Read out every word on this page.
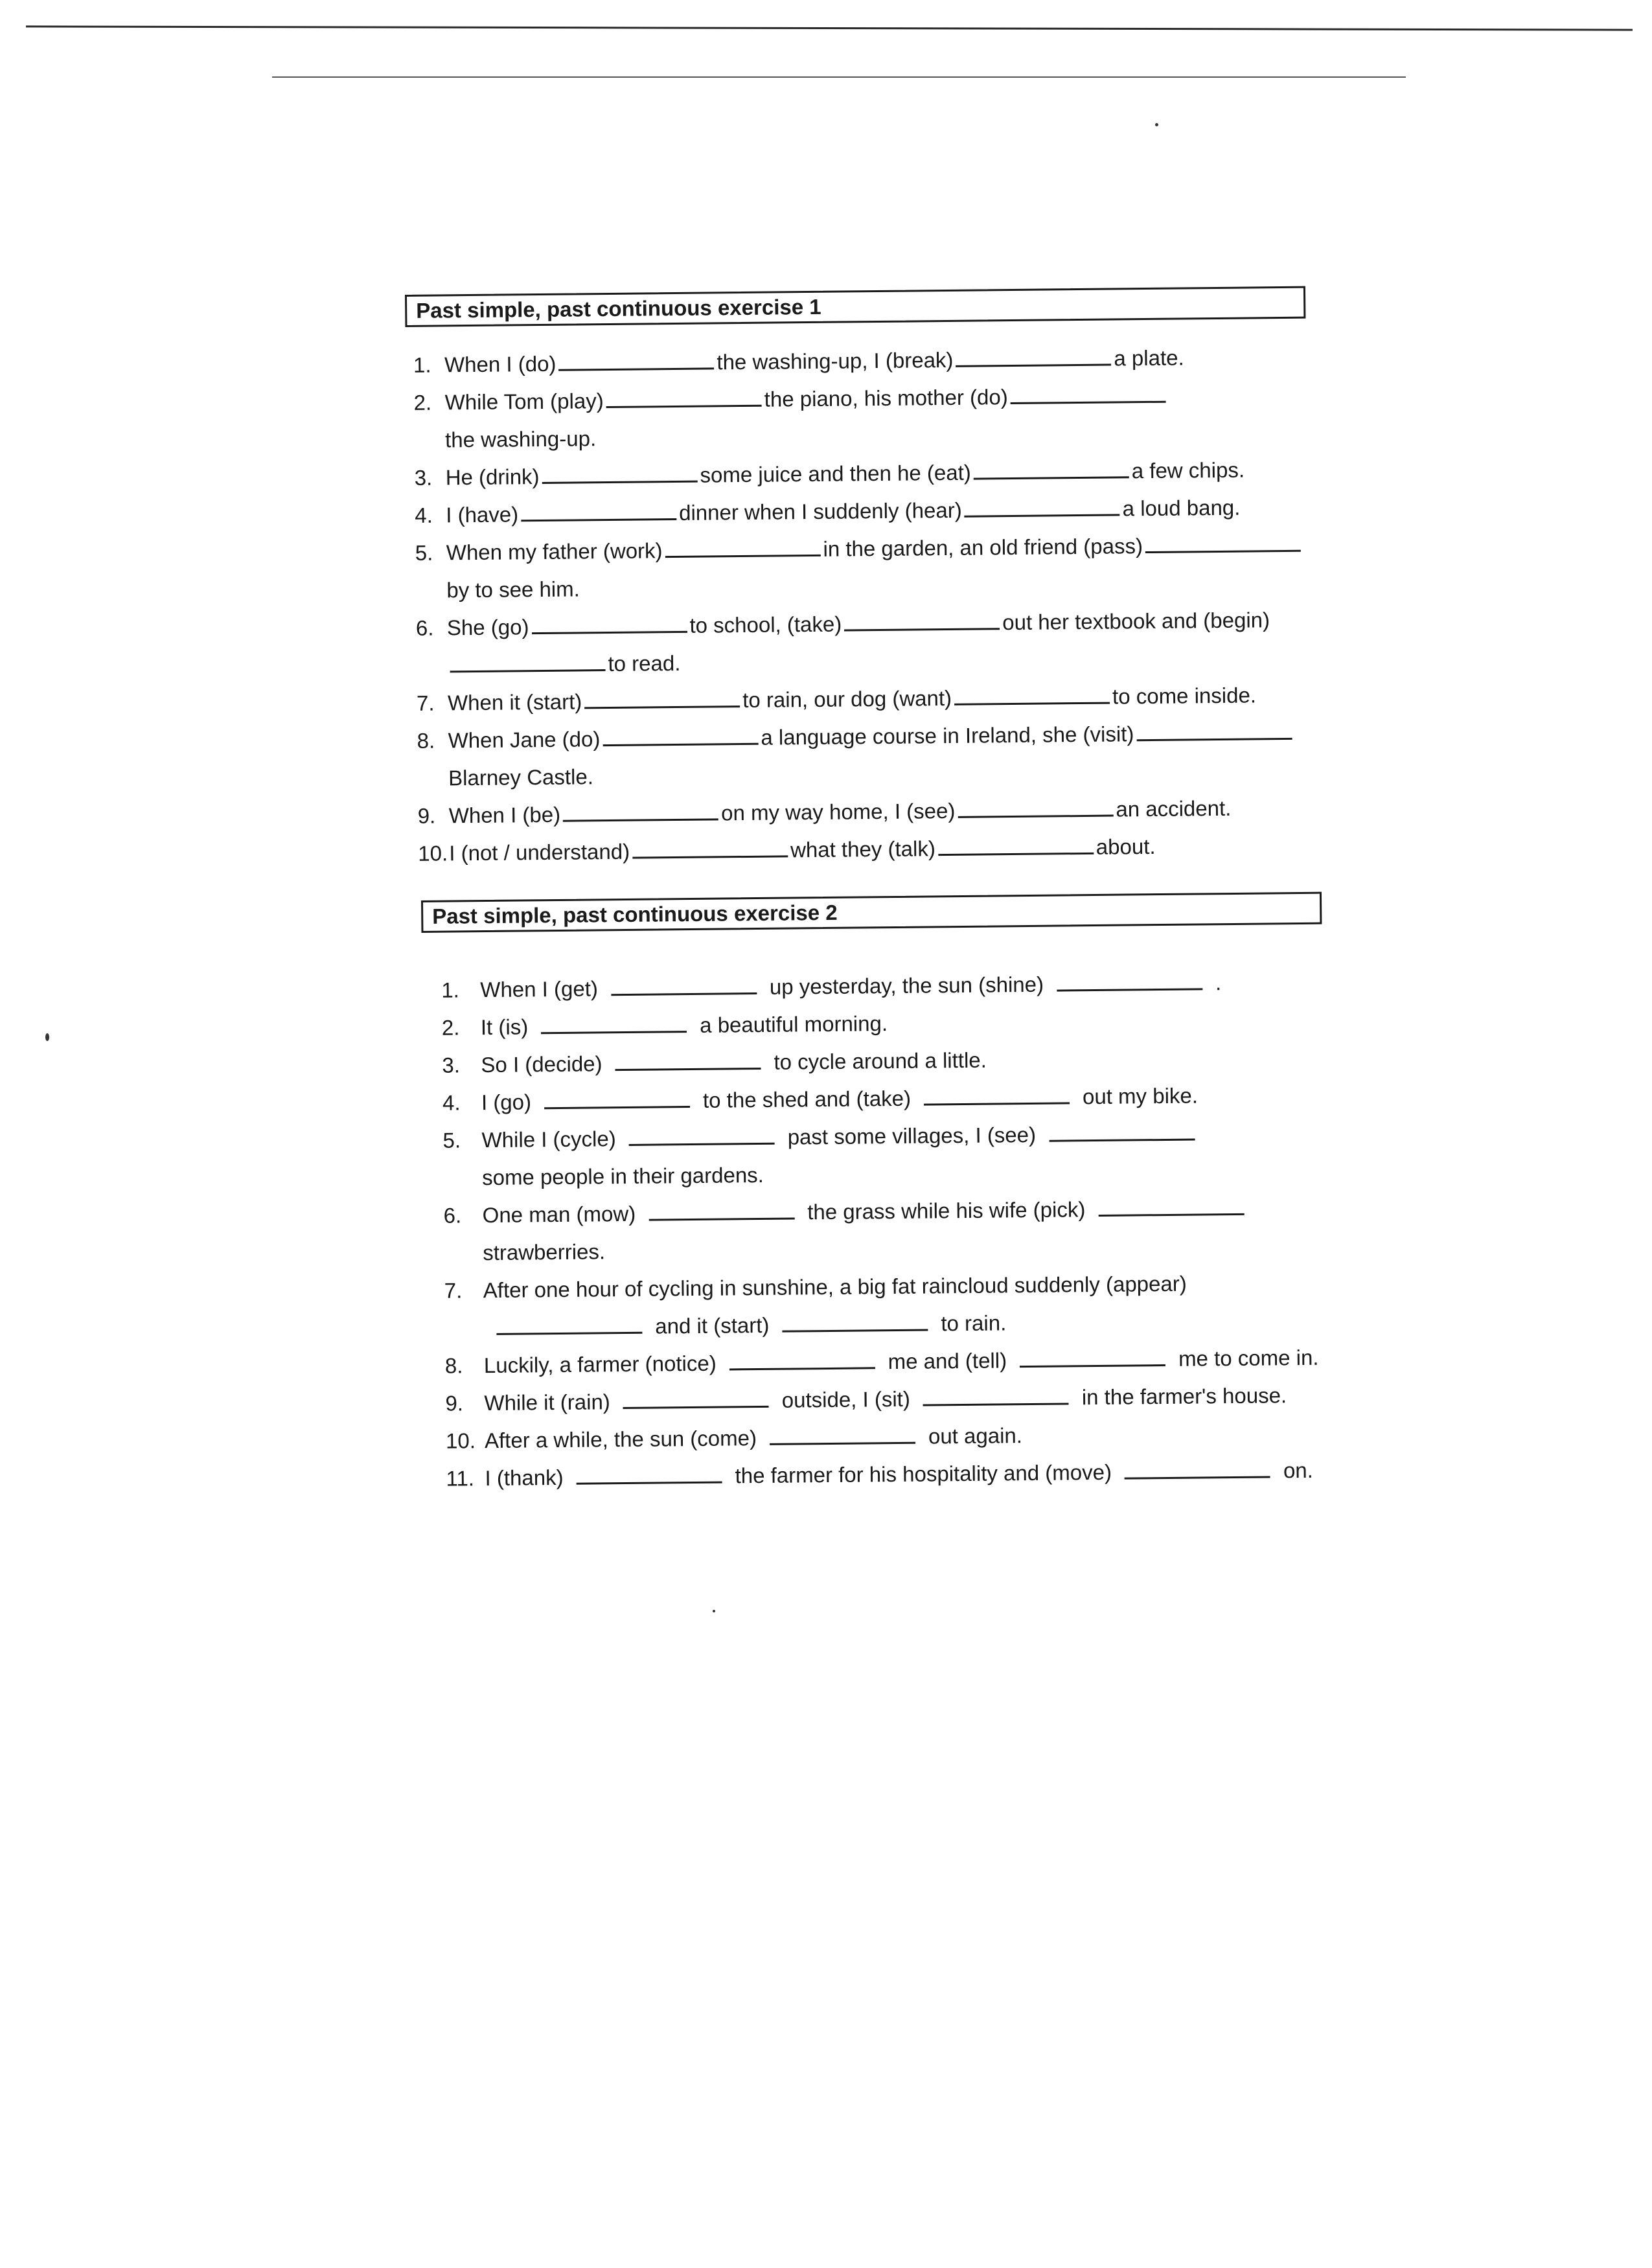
Past simple, past continuous exercise 1
1. When I (do)	the washing-up, I (break)	a plate.
2. While Tom (play)	the piano, his mother (do)the washing-up.
3. He (drink)	some juice and then he (eat)	a few chips.
4. I (have)	dinner when I suddenly (hear)	a loud bang.
5. When my father (work)	in the garden, an old friend (pass)by to see him.
6. She (go)	to school, (take)	out her textbook and (begin)to read.
7. When it (start)	to rain, our dog (want)	to come inside.
8. When Jane (do)	a language course in Ireland, she (visit)Blarney Castle.
9. When I (be)	on my way home, I (see)	an accident.
10. I (not / understand)	what they (talk)	about.
Past simple, past continuous exercise 2
1. When I (get)	up yesterday, the sun (shine)	.
2. It (is)	a beautiful morning.
3. So I (decide)	to cycle around a little.
4. I (go)	to the shed and (take)	out my bike.
5. While I (cycle)	past some villages, I (see)some people in their gardens.
6. One man (mow)	the grass while his wife (pick)strawberries.
7. After one hour of cycling in sunshine, a big fat raincloud suddenly (appear)and it (start)	to rain.
8. Luckily, a farmer (notice)	me and (tell)	me to come in.
9. While it (rain)	outside, I (sit)	in the farmer's house.
10. After a while, the sun (come)	out again.
11. I (thank)	the farmer for his hospitality and (move)	on.
